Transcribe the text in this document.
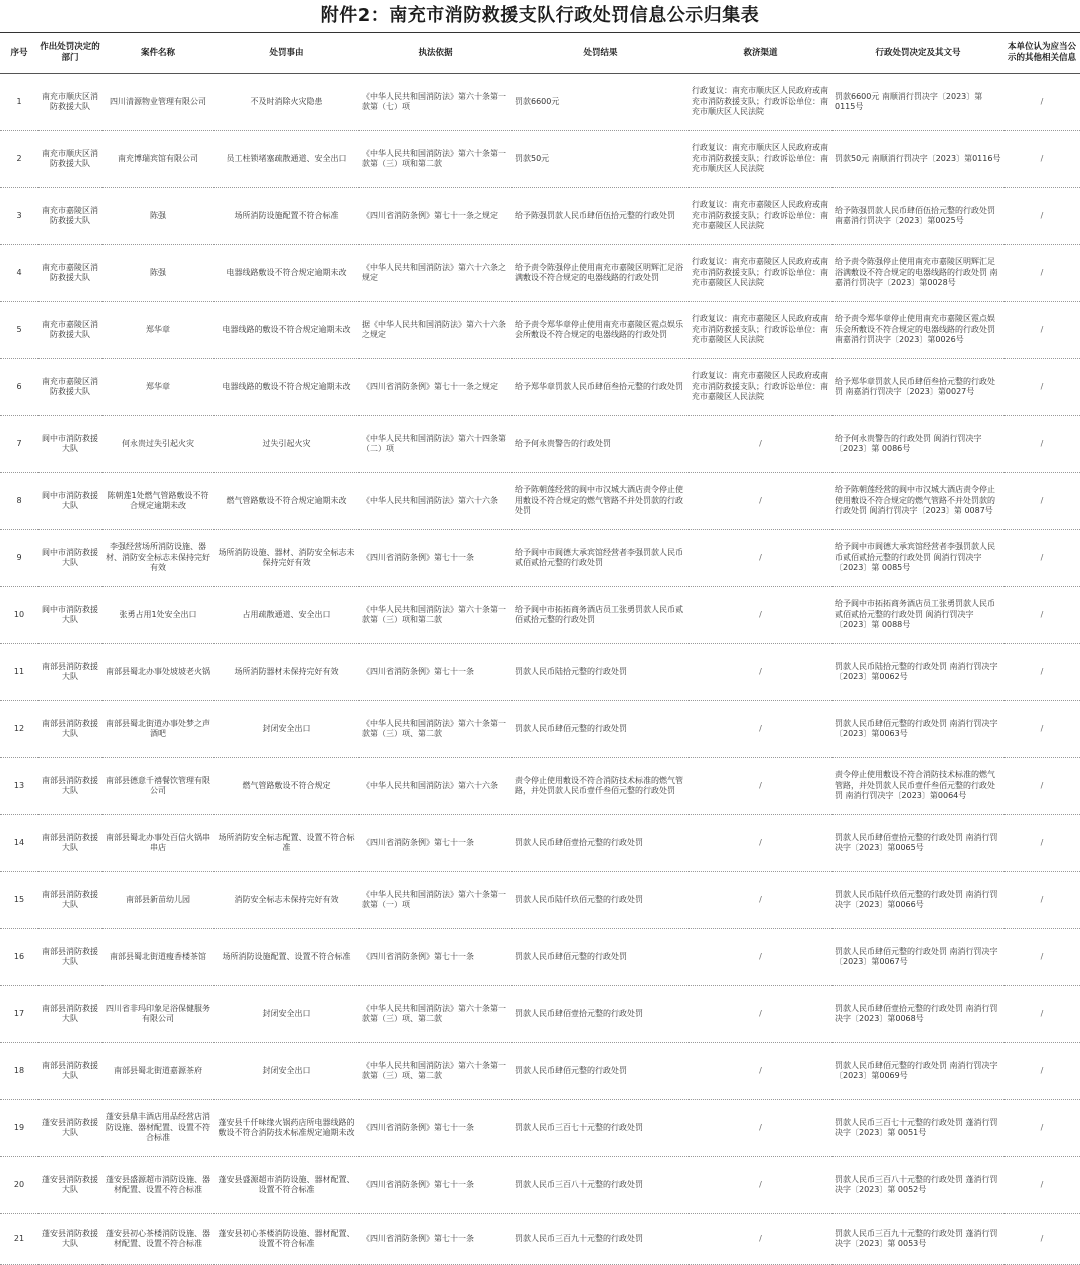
附件2：南充市消防救援支队行政处罚信息公示归集表
序号	作出处罚决定的部门	案件名称	处罚事由	执法依据	处罚结果	救济渠道	行政处罚决定及其文号	本单位认为应当公示的其他相关信息

1	南充市顺庆区消防救援大队	四川清源物业管理有限公司	不及时消除火灾隐患	《中华人民共和国消防法》第六十条第一款第（七）项	罚款6600元	行政复议：南充市顺庆区人民政府或南充市消防救援支队；行政诉讼单位：南充市顺庆区人民法院	罚款6600元 南顺消行罚决字〔2023〕第0115号	/

2	南充市顺庆区消防救援大队	南充博瑞宾馆有限公司	员工柱锁堵塞疏散通道、安全出口	《中华人民共和国消防法》第六十条第一款第（三）项和第二款	罚款50元	行政复议：南充市顺庆区人民政府或南充市消防救援支队；行政诉讼单位：南充市顺庆区人民法院	罚款50元 南顺消行罚决字〔2023〕第0116号	/

3	南充市嘉陵区消防救援大队	陈强	场所消防设施配置不符合标准	《四川省消防条例》第七十一条之规定	给予陈强罚款人民币肆佰伍拾元整的行政处罚	行政复议：南充市嘉陵区人民政府或南充市消防救援支队；行政诉讼单位：南充市嘉陵区人民法院	给予陈强罚款人民币肆佰伍拾元整的行政处罚 南嘉消行罚决字〔2023〕第0025号	/

4	南充市嘉陵区消防救援大队	陈强	电器线路敷设不符合规定逾期未改	《中华人民共和国消防法》第六十六条之规定	给予责令陈强停止使用南充市嘉陵区明辉汇足浴满敷设不符合规定的电器线路的行政处罚	行政复议：南充市嘉陵区人民政府或南充市消防救援支队；行政诉讼单位：南充市嘉陵区人民法院	给予责令陈强停止使用南充市嘉陵区明辉汇足浴满敷设不符合规定的电器线路的行政处罚 南嘉消行罚决字〔2023〕第0028号	/

5	南充市嘉陵区消防救援大队	郑华章	电器线路的敷设不符合规定逾期未改	据《中华人民共和国消防法》第六十六条之规定	给予责令郑华章停止使用南充市嘉陵区霓点娱乐会所敷设不符合规定的电器线路的行政处罚	行政复议：南充市嘉陵区人民政府或南充市消防救援支队；行政诉讼单位：南充市嘉陵区人民法院	给予责令郑华章停止使用南充市嘉陵区霓点娱乐会所敷设不符合规定的电器线路的行政处罚 南嘉消行罚决字〔2023〕第0026号	/

6	南充市嘉陵区消防救援大队	郑华章	电器线路的敷设不符合规定逾期未改	《四川省消防条例》第七十一条之规定	给予郑华章罚款人民币肆佰叁拾元整的行政处罚	行政复议：南充市嘉陵区人民政府或南充市消防救援支队；行政诉讼单位：南充市嘉陵区人民法院	给予郑华章罚款人民币肆佰叁拾元整的行政处罚 南嘉消行罚决字〔2023〕第0027号	/

7	阆中市消防救援大队	何永贵过失引起火灾	过失引起火灾	《中华人民共和国消防法》第六十四条第（二）项	给予何永贵警告的行政处罚	/	给予何永贵警告的行政处罚 阆消行罚决字〔2023〕第 0086号	/

8	阆中市消防救援大队	陈朝莲1处燃气管路敷设不符合规定逾期未改	燃气管路敷设不符合规定逾期未改	《中华人民共和国消防法》第六十六条	给予陈朝莲经营的阆中市汉城大酒店责令停止使用敷设不符合规定的燃气管路不并处罚款的行政处罚	/	给予陈朝莲经营的阆中市汉城大酒店责令停止使用敷设不符合规定的燃气管路不并处罚款的行政处罚 阆消行罚决字〔2023〕第 0087号	/

9	阆中市消防救援大队	李强经营场所消防设施、器材、消防安全标志未保持完好有效	场所消防设施、器材、消防安全标志未保持完好有效	《四川省消防条例》第七十一条	给予阆中市阆德大承宾馆经营者李强罚款人民币贰佰贰拾元整的行政处罚	/	给予阆中市阆德大承宾馆经营者李强罚款人民币贰佰贰拾元整的行政处罚 阆消行罚决字〔2023〕第 0085号	/

10	阆中市消防救援大队	张勇占用1处安全出口	占用疏散通道、安全出口	《中华人民共和国消防法》第六十条第一款第（三）项和第二款	给予阆中市拓拓商务酒店员工张勇罚款人民币贰佰贰拾元整的行政处罚	/	给予阆中市拓拓商务酒店员工张勇罚款人民币贰佰贰拾元整的行政处罚 阆消行罚决字〔2023〕第 0088号	/

11	南部县消防救援大队	南部县蜀北办事处坡坡老火锅	场所消防器材未保持完好有效	《四川省消防条例》第七十一条	罚款人民币陆拾元整的行政处罚	/	罚款人民币陆拾元整的行政处罚 南消行罚决字〔2023〕第0062号	/

12	南部县消防救援大队	南部县蜀北街道办事处梦之声酒吧	封闭安全出口	《中华人民共和国消防法》第六十条第一款第（三）项、第二款	罚款人民币肆佰元整的行政处罚	/	罚款人民币肆佰元整的行政处罚 南消行罚决字〔2023〕第0063号	/

13	南部县消防救援大队	南部县德意千禧餐饮管理有限公司	燃气管路敷设不符合规定	《中华人民共和国消防法》第六十六条	责令停止使用敷设不符合消防技术标准的燃气管路，并处罚款人民币壹仟叁佰元整的行政处罚	/	责令停止使用敷设不符合消防技术标准的燃气管路，并处罚款人民币壹仟叁佰元整的行政处罚 南消行罚决字〔2023〕第0064号	/

14	南部县消防救援大队	南部县蜀北办事处百信火锅串串店	场所消防安全标志配置、设置不符合标准	《四川省消防条例》第七十一条	罚款人民币肆佰壹拾元整的行政处罚	/	罚款人民币肆佰壹拾元整的行政处罚 南消行罚决字〔2023〕第0065号	/

15	南部县消防救援大队	南部县新苗幼儿园	消防安全标志未保持完好有效	《中华人民共和国消防法》第六十条第一款第（一）项	罚款人民币陆仟玖佰元整的行政处罚	/	罚款人民币陆仟玖佰元整的行政处罚 南消行罚决字〔2023〕第0066号	/

16	南部县消防救援大队	南部县蜀北街道瘦香楼茶馆	场所消防设施配置、设置不符合标准	《四川省消防条例》第七十一条	罚款人民币肆佰元整的行政处罚	/	罚款人民币肆佰元整的行政处罚 南消行罚决字〔2023〕第0067号	/

17	南部县消防救援大队	四川省非玛印象足浴保健服务有限公司	封闭安全出口	《中华人民共和国消防法》第六十条第一款第（三）项、第二款	罚款人民币肆佰壹拾元整的行政处罚	/	罚款人民币肆佰壹拾元整的行政处罚 南消行罚决字〔2023〕第0068号	/

18	南部县消防救援大队	南部县蜀北街道嘉源茶府	封闭安全出口	《中华人民共和国消防法》第六十条第一款第（三）项、第二款	罚款人民币肆佰元整的行政处罚	/	罚款人民币肆佰元整的行政处罚 南消行罚决字〔2023〕第0069号	/

19	蓬安县消防救援大队	蓬安县鼎丰酒店用品经营店消防设施、器材配置、设置不符合标准	蓬安县千仟味缘火锅药店所电器线路的敷设不符合消防技术标准规定逾期未改	《四川省消防条例》第七十一条	罚款人民币三百七十元整的行政处罚	/	罚款人民币三百七十元整的行政处罚 蓬消行罚决字〔2023〕第 0051号	/

20	蓬安县消防救援大队	蓬安县盛源超市消防设施、器材配置、设置不符合标准	蓬安县盛源超市消防设施、器材配置、设置不符合标准	《四川省消防条例》第七十一条	罚款人民币三百八十元整的行政处罚	/	罚款人民币三百八十元整的行政处罚 蓬消行罚决字〔2023〕第 0052号	/

21	蓬安县消防救援大队	蓬安县初心茶楼消防设施、器材配置、设置不符合标准	蓬安县初心茶楼消防设施、器材配置、设置不符合标准	《四川省消防条例》第七十一条	罚款人民币三百九十元整的行政处罚	/	罚款人民币三百九十元整的行政处罚 蓬消行罚决字〔2023〕第 0053号	/
